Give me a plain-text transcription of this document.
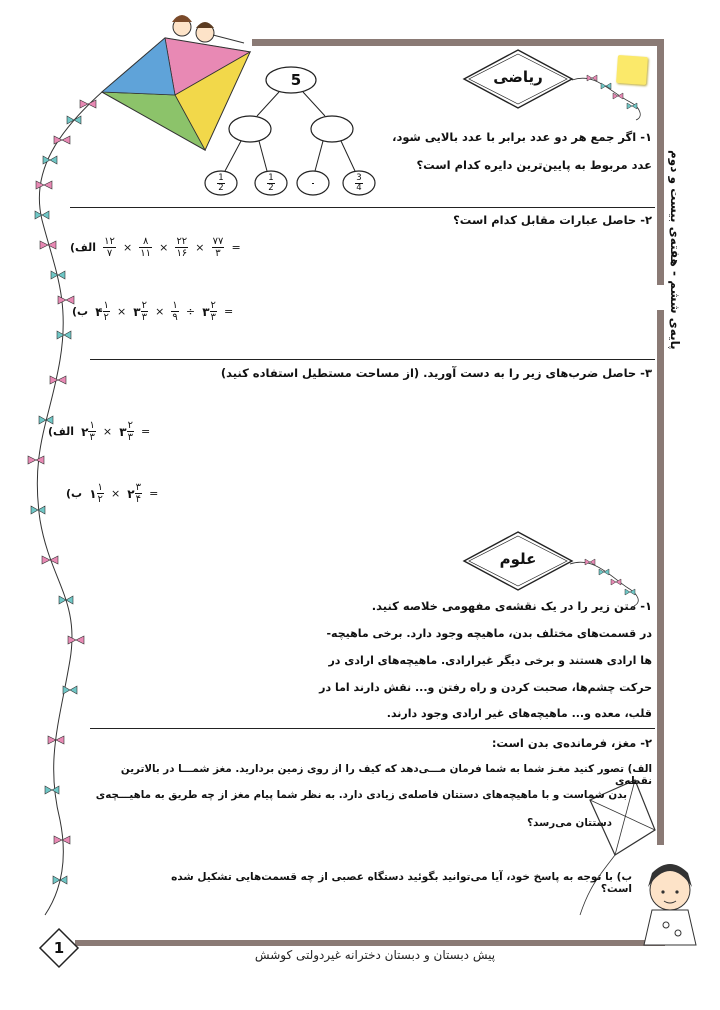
پایه‌ی ششم - هفته‌ی بیست و دوم
ریاضی
5
$\frac{1}{2}$	$\frac{1}{2}$	$\frac{3}{4}$
۱- اگر جمع هر دو عدد برابر با عدد بالایی شود،
عدد مربوط به پایین‌ترین دایره کدام است؟
۲- حاصل عبارات مقابل کدام است؟
الف) $\frac{۱۲}{۷} \times \frac{۸}{۱۱} \times \frac{۲۲}{۱۶} \times \frac{۷۷}{۳}$ =
ب) ۴ $\frac{۱}{۲}$ × ۳ $\frac{۲}{۳} \times \frac{۱}{۹}$ ÷ ۳ $\frac{۲}{۳}$ =
۳- حاصل ضرب‌های زیر را به دست آورید. (از مساحت مستطیل استفاده کنید)
الف) ۲ $\frac{۱}{۳}$ × ۳ $\frac{۲}{۳}$ =
ب) ۱ $\frac{۱}{۲}$ × ۲ $\frac{۳}{۴}$ =
علوم
۱- متن زیر را در یک نقشه‌ی مفهومی خلاصه کنید.
در قسمت‌های مختلف بدن، ماهیچه وجود دارد. برخی ماهیچه-
ها ارادی هستند و برخی دیگر غیرارادی. ماهیچه‌های ارادی در
حرکت چشم‌ها، صحبت کردن و راه رفتن و... نقش دارند اما در
قلب، معده و... ماهیچه‌های غیر ارادی وجود دارند.
۲- مغز، فرمانده‌ی بدن است:
الف) تصور کنید مغـز شما به شما فرمان مـــی‌دهد که کیف را از روی زمین بردارید. مغز شمـــا در بالاترین نقطه‌ی
بدن شماست و با ماهیچه‌های دستتان فاصله‌ی زیادی دارد. به نظر شما پیام مغز از چه طریق به ماهیـــچه‌ی
دستتان می‌رسد؟
ب) با توجه به پاسخ خود، آیا می‌توانید بگوئید دستگاه عصبی از چه قسمت‌هایی تشکیل شده است؟
1	پیش دبستان و دبستان دخترانه غیردولتی کوشش
